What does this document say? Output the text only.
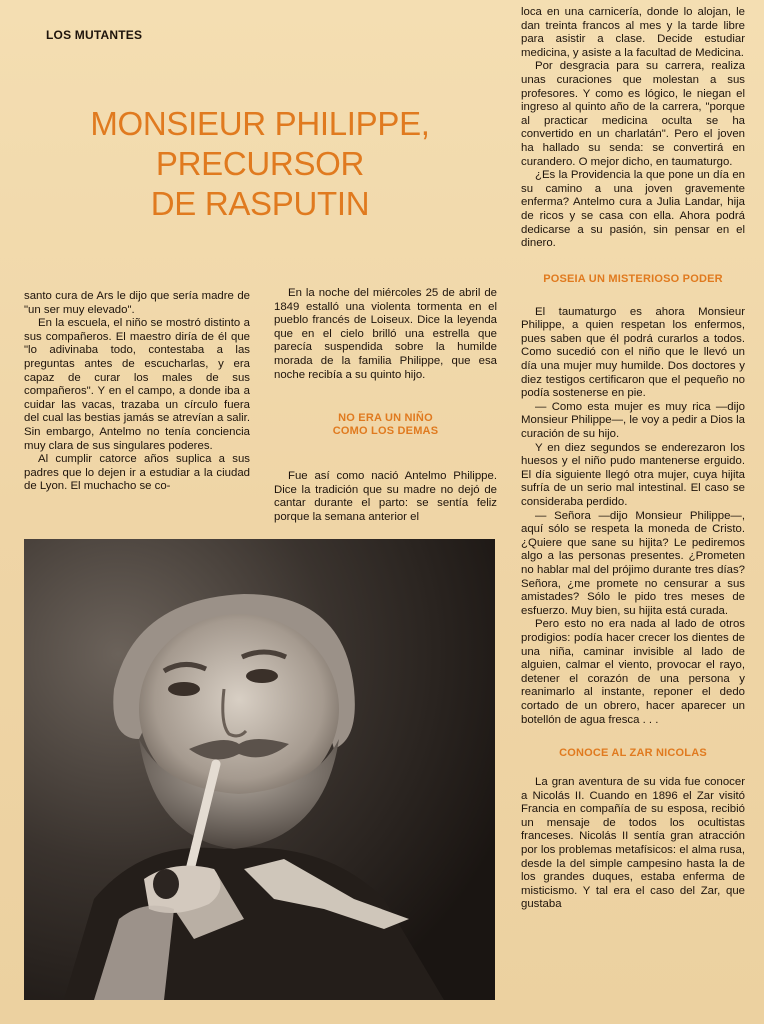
LOS MUTANTES
MONSIEUR PHILIPPE,
PRECURSOR
DE RASPUTIN

santo cura de Ars le dijo que sería madre de "un ser muy elevado".

En la escuela, el niño se mostró distinto a sus compañeros. El maestro diría de él que "lo adivinaba todo, contestaba a las preguntas antes de escucharlas, y era capaz de curar los males de sus compañeros". Y en el campo, a donde iba a cuidar las vacas, trazaba un círculo fuera del cual las bestias jamás se atrevían a salir. Sin embargo, Antelmo no tenía conciencia muy clara de sus singulares poderes.

Al cumplir catorce años suplica a sus padres que lo dejen ir a estudiar a la ciudad de Lyon. El muchacho se co-

En la noche del miércoles 25 de abril de 1849 estalló una violenta tormenta en el pueblo francés de Loiseux. Dice la leyenda que en el cielo brilló una estrella que parecía suspendida sobre la humilde morada de la familia Philippe, que esa noche recibía a su quinto hijo.

NO ERA UN NIÑO
COMO LOS DEMAS

Fue así como nació Antelmo Philippe. Dice la tradición que su madre no dejó de cantar durante el parto: se sentía feliz porque la semana anterior el

loca en una carnicería, donde lo alojan, le dan treinta francos al mes y la tarde libre para asistir a clase. Decide estudiar medicina, y asiste a la facultad de Medicina.

Por desgracia para su carrera, realiza unas curaciones que molestan a sus profesores. Y como es lógico, le niegan el ingreso al quinto año de la carrera, "porque al practicar medicina oculta se ha convertido en un charlatán". Pero el joven ha hallado su senda: se convertirá en curandero. O mejor dicho, en taumaturgo.

¿Es la Providencia la que pone un día en su camino a una joven gravemente enferma? Antelmo cura a Julia Landar, hija de ricos y se casa con ella. Ahora podrá dedicarse a su pasión, sin pensar en el dinero.

POSEIA UN MISTERIOSO PODER

El taumaturgo es ahora Monsieur Philippe, a quien respetan los enfermos, pues saben que él podrá curarlos a todos. Como sucedió con el niño que le llevó un día una mujer muy humilde. Dos doctores y diez testigos certificaron que el pequeño no podía sostenerse en pie.

— Como esta mujer es muy rica —dijo Monsieur Philippe—, le voy a pedir a Dios la curación de su hijo.

Y en diez segundos se enderezaron los huesos y el niño pudo mantenerse erguido. El día siguiente llegó otra mujer, cuya hijita sufría de un serio mal intestinal. El caso se consideraba perdido.

— Señora —dijo Monsieur Philippe—, aquí sólo se respeta la moneda de Cristo. ¿Quiere que sane su hijita? Le pediremos algo a las personas presentes. ¿Prometen no hablar mal del prójimo durante tres días? Señora, ¿me promete no censurar a sus amistades? Sólo le pido tres meses de esfuerzo. Muy bien, su hijita está curada.

Pero esto no era nada al lado de otros prodigios: podía hacer crecer los dientes de una niña, caminar invisible al lado de alguien, calmar el viento, provocar el rayo, detener el corazón de una persona y reanimarlo al instante, reponer el dedo cortado de un obrero, hacer aparecer un botellón de agua fresca . . .

CONOCE AL ZAR NICOLAS

La gran aventura de su vida fue conocer a Nicolás II. Cuando en 1896 el Zar visitó Francia en compañía de su esposa, recibió un mensaje de todos los ocultistas franceses. Nicolás II sentía gran atracción por los problemas metafísicos: el alma rusa, desde la del simple campesino hasta la de los grandes duques, estaba enferma de misticismo. Y tal era el caso del Zar, que gustaba
